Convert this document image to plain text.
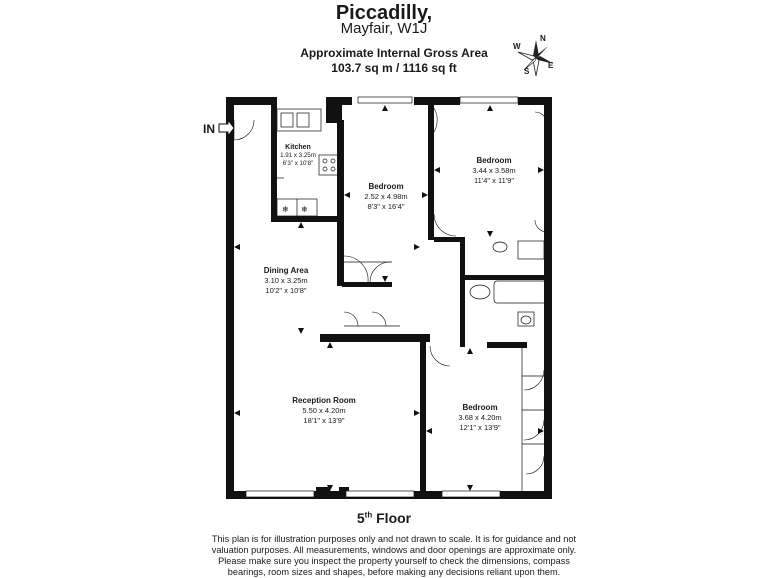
Piccadilly,
Mayfair, W1J
Approximate Internal Gross Area
103.7 sq m / 1116 sq ft
N
S
E
W
❄ ❄
IN
Kitchen
1.91 x 3.25m
6'3" x 10'8"
Bedroom
2.52 x 4.98m
8'3" x 16'4"
Bedroom
3.44 x 3.58m
11'4" x 11'9"
Dining Area
3.10 x 3.25m
10'2" x 10'8"
Reception Room
5.50 x 4.20m
18'1" x 13'9"
Bedroom
3.68 x 4.20m
12'1" x 13'9"
5th Floor
This plan is for illustration purposes only and not drawn to scale. It is for guidance and not valuation purposes. All measurements, windows and door openings are approximate only. Please make sure you inspect the property yourself to check the dimensions, compass bearings, room sizes and shapes, before making any decisions reliant upon them.
